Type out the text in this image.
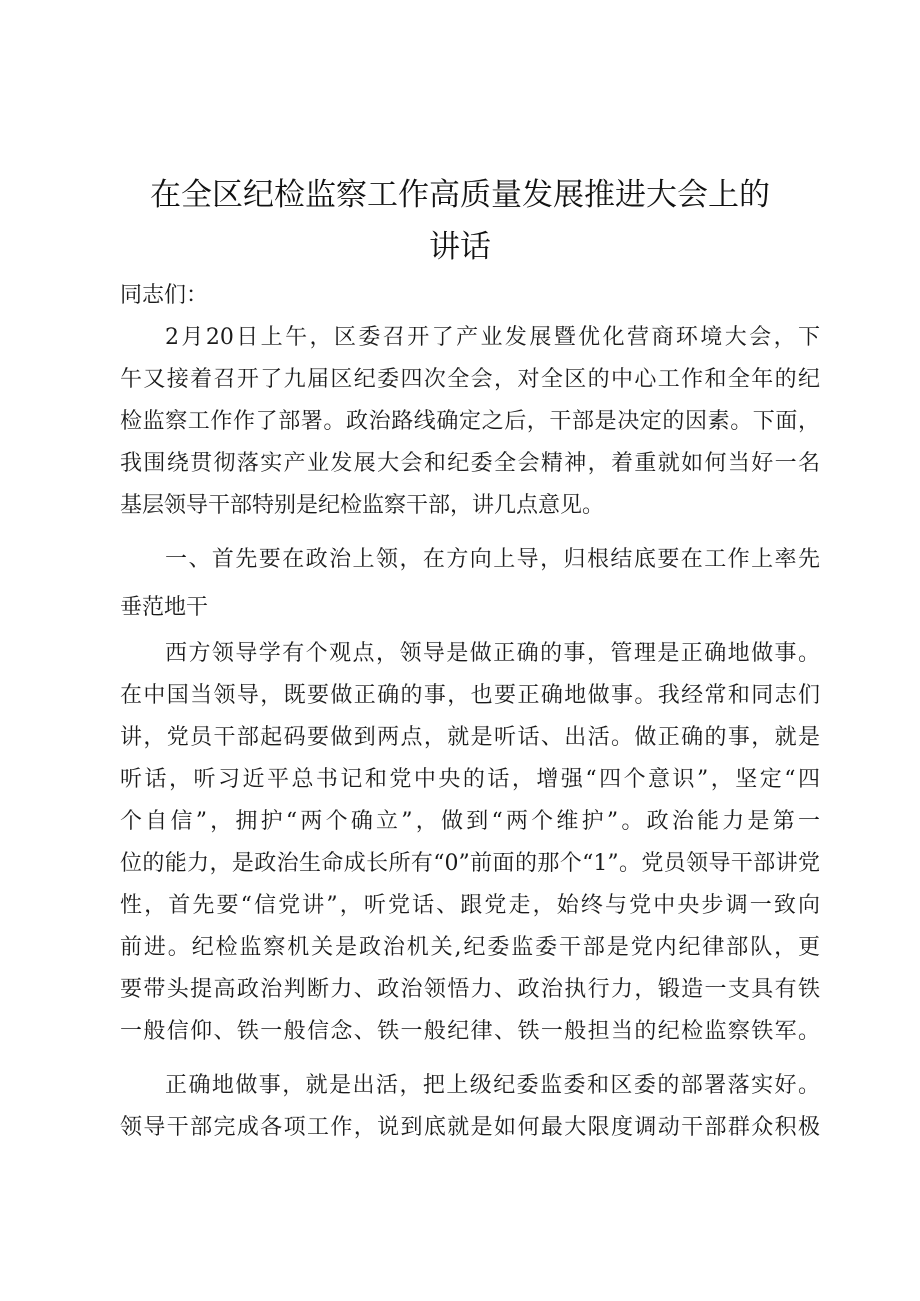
在全区纪检监察工作高质量发展推进大会上的
讲话
同志们：
2月20日上午，区委召开了产业发展暨优化营商环境大会，下
午又接着召开了九届区纪委四次全会，对全区的中心工作和全年的纪
检监察工作作了部署。政治路线确定之后，干部是决定的因素。下面，
我围绕贯彻落实产业发展大会和纪委全会精神，着重就如何当好一名
基层领导干部特别是纪检监察干部，讲几点意见。
一、首先要在政治上领，在方向上导，归根结底要在工作上率先
垂范地干
西方领导学有个观点，领导是做正确的事，管理是正确地做事。
在中国当领导，既要做正确的事，也要正确地做事。我经常和同志们
讲，党员干部起码要做到两点，就是听话、出活。做正确的事，就是
听话，听习近平总书记和党中央的话，增强“四个意识”，坚定“四
个自信”，拥护“两个确立”，做到“两个维护”。政治能力是第一
位的能力，是政治生命成长所有“0”前面的那个“1”。党员领导干部讲党
性，首先要“信党讲”，听党话、跟党走，始终与党中央步调一致向
前进。纪检监察机关是政治机关,纪委监委干部是党内纪律部队，更
要带头提高政治判断力、政治领悟力、政治执行力，锻造一支具有铁
一般信仰、铁一般信念、铁一般纪律、铁一般担当的纪检监察铁军。
正确地做事，就是出活，把上级纪委监委和区委的部署落实好。
领导干部完成各项工作，说到底就是如何最大限度调动干部群众积极
